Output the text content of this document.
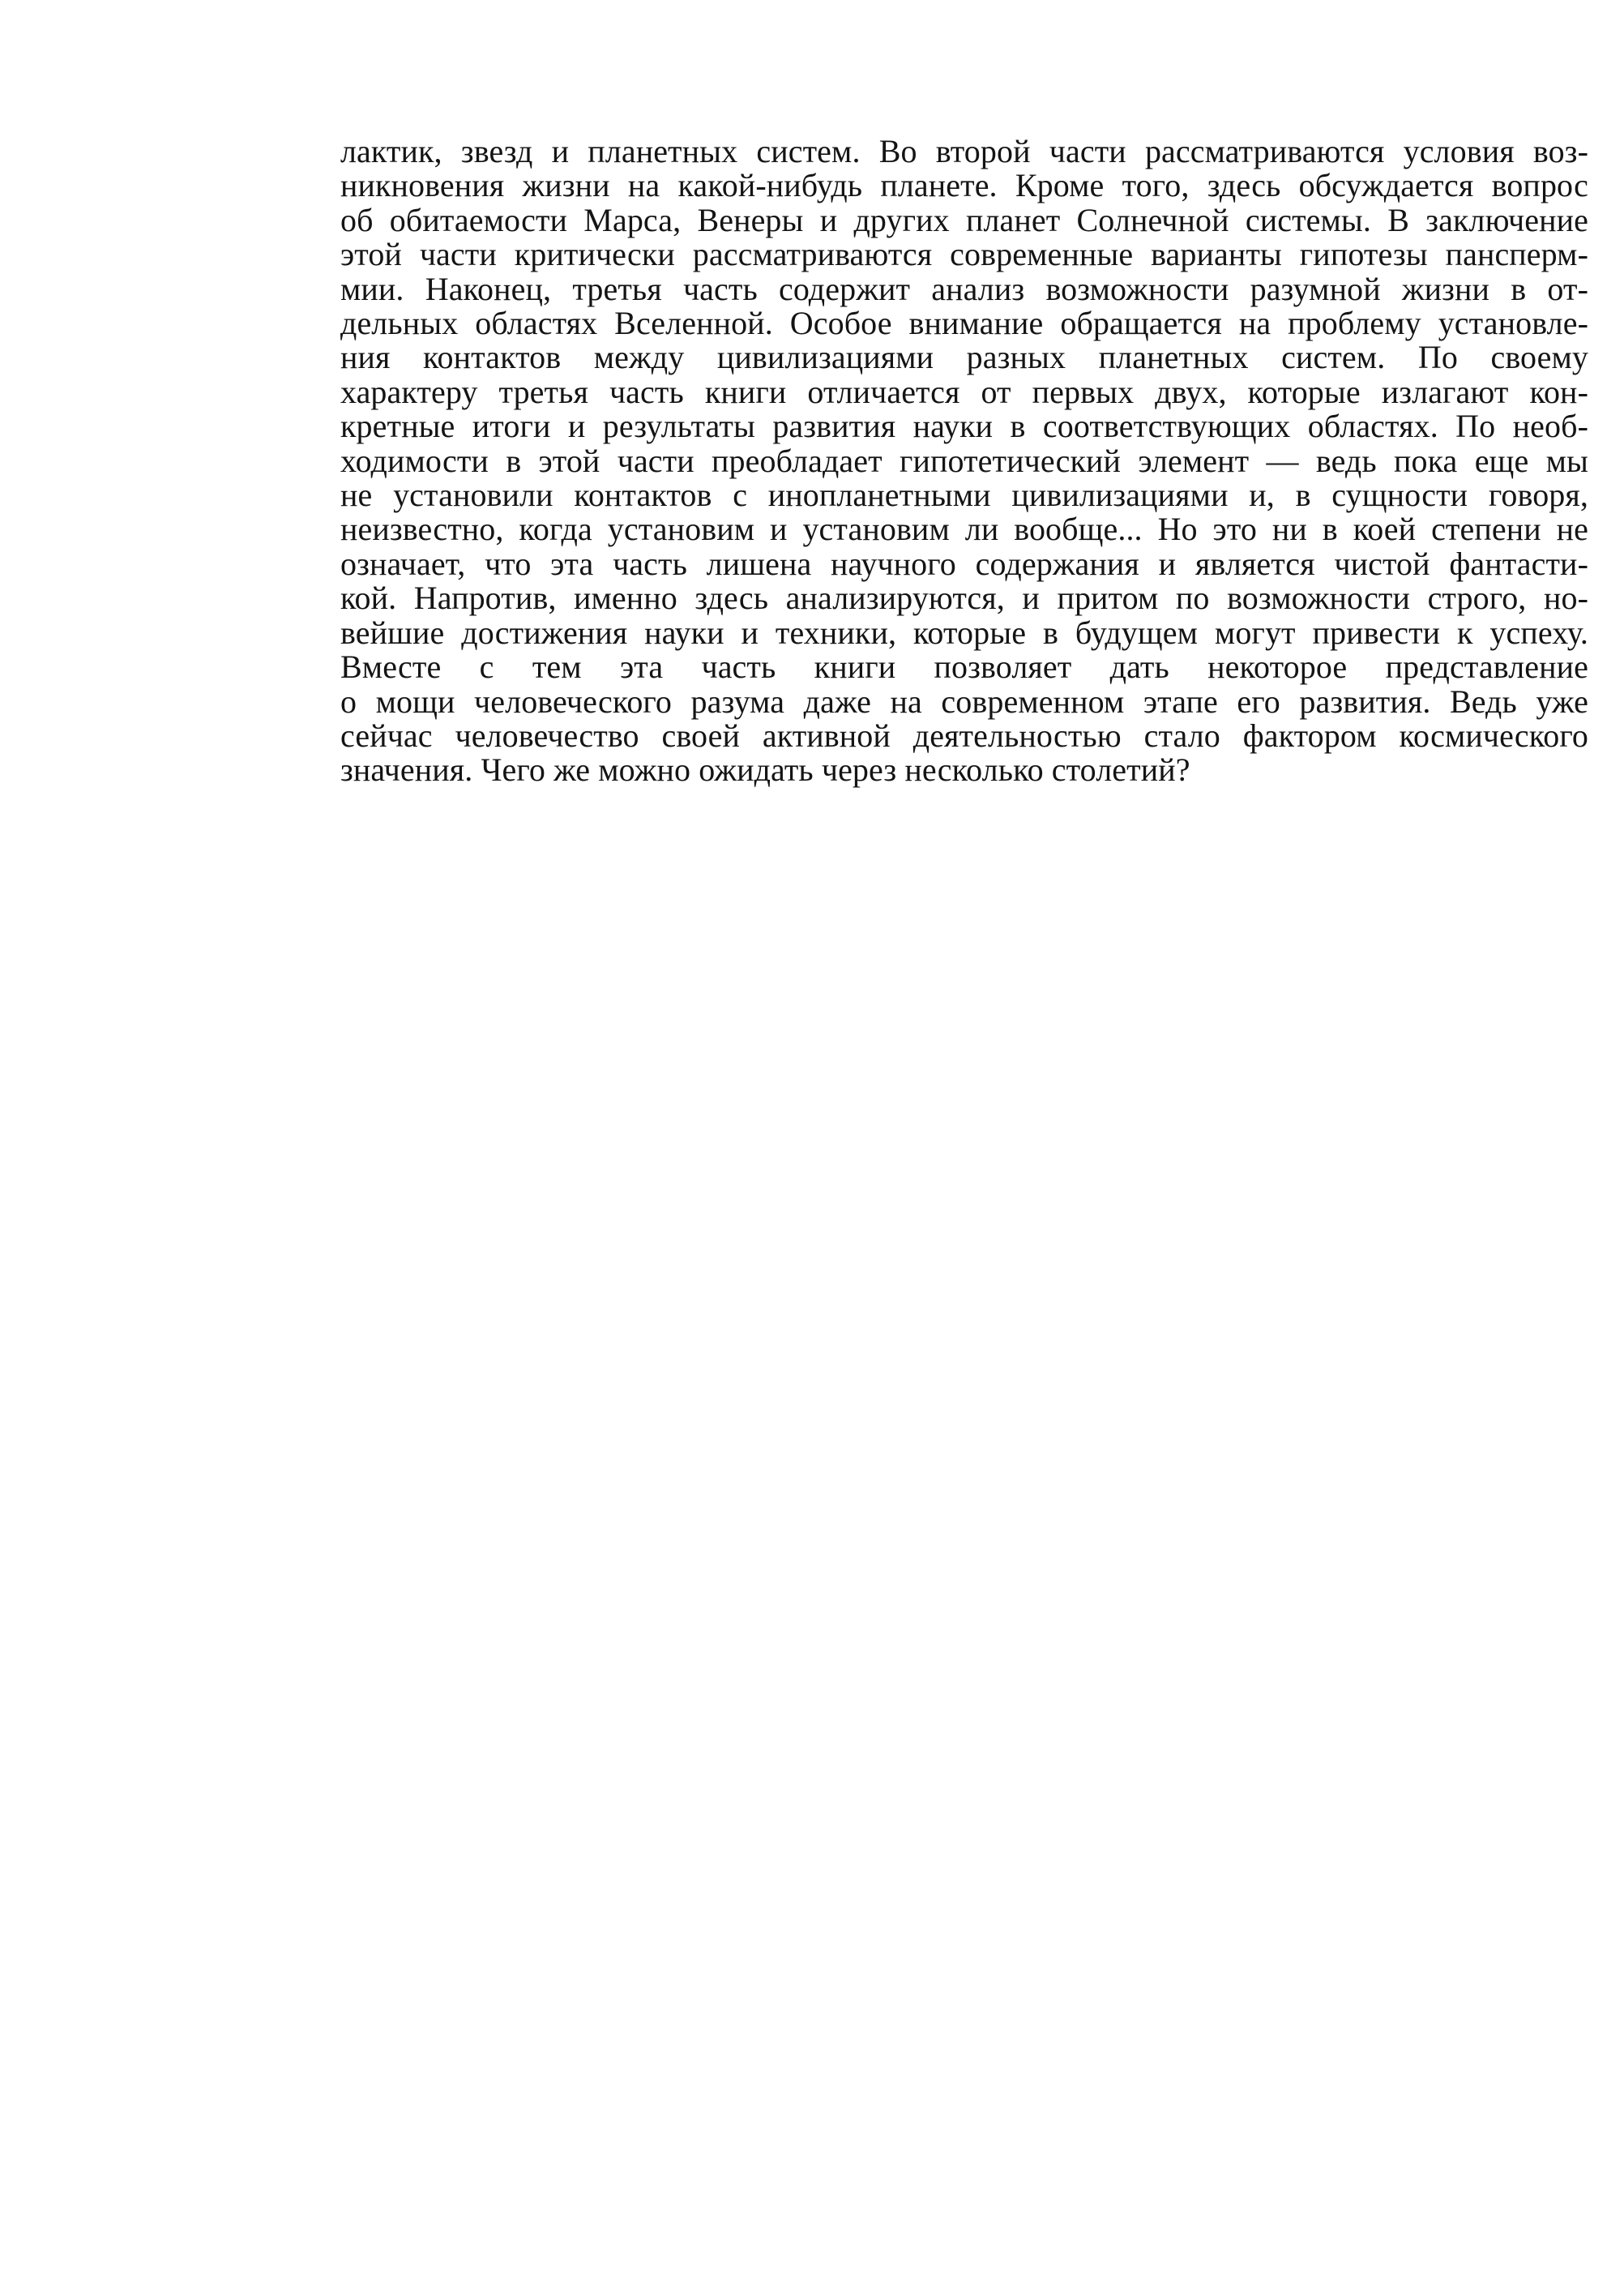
лактик, звезд и планетных систем. Во второй части рассматриваются условия воз-
никновения жизни на какой-нибудь планете. Кроме того, здесь обсуждается вопрос
об обитаемости Марса, Венеры и других планет Солнечной системы. В заключение
этой части критически рассматриваются современные варианты гипотезы пансперм-
мии. Наконец, третья часть содержит анализ возможности разумной жизни в от-
дельных областях Вселенной. Особое внимание обращается на проблему установле-
ния контактов между цивилизациями разных планетных систем. По своему
характеру третья часть книги отличается от первых двух, которые излагают кон-
кретные итоги и результаты развития науки в соответствующих областях. По необ-
ходимости в этой части преобладает гипотетический элемент — ведь пока еще мы
не установили контактов с инопланетными цивилизациями и, в сущности говоря,
неизвестно, когда установим и установим ли вообще... Но это ни в коей степени не
означает, что эта часть лишена научного содержания и является чистой фантасти-
кой. Напротив, именно здесь анализируются, и притом по возможности строго, но-
вейшие достижения науки и техники, которые в будущем могут привести к успеху.
Вместе с тем эта часть книги позволяет дать некоторое представление
о мощи человеческого разума даже на современном этапе его развития. Ведь уже
сейчас человечество своей активной деятельностью стало фактором космического
значения. Чего же можно ожидать через несколько столетий?
